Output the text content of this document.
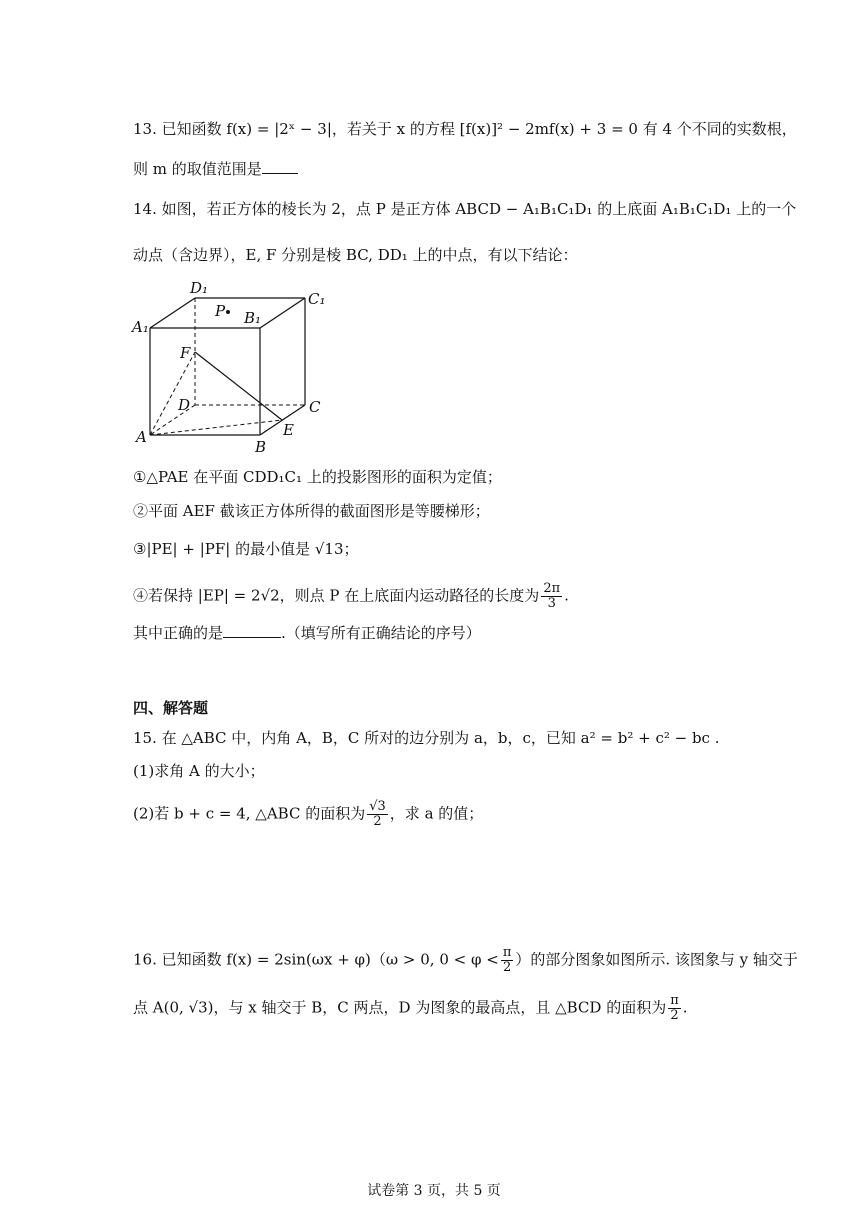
13. 已知函数 f(x) = |2ˣ − 3|，若关于 x 的方程 [f(x)]² − 2mf(x) + 3 = 0 有 4 个不同的实数根，
则 m 的取值范围是
14. 如图，若正方体的棱长为 2，点 P 是正方体 ABCD − A₁B₁C₁D₁ 的上底面 A₁B₁C₁D₁ 上的一个
动点（含边界），E, F 分别是棱 BC, DD₁ 上的中点，有以下结论：
D₁
C₁
A₁	B₁
P
F
D	C
A
B
E
①△PAE 在平面 CDD₁C₁ 上的投影图形的面积为定值；
②平面 AEF 截该正方体所得的截面图形是等腰梯形；
③|PE| + |PF| 的最小值是 √13；
④若保持 |EP| = 2√2，则点 P 在上底面内运动路径的长度为 $\frac{2\pi}{3}$ .
其中正确的是	.（填写所有正确结论的序号）
四、解答题
15. 在 △ABC 中，内角 A，B，C 所对的边分别为 a，b，c，已知 a² = b² + c² − bc .
(1)求角 A 的大小；
(2)若 b + c = 4, △ABC 的面积为 $\frac{√3}{2}$ ，求 a 的值；
16. 已知函数 f(x) = 2sin(ωx + φ)（ω > 0, $0 < \varphi < \frac{\pi}{2}$ ）的部分图象如图所示. 该图象与 y 轴交于
点 A(0, √3)，与 x 轴交于 B，C 两点，D 为图象的最高点，且 △BCD 的面积为 $\frac{\pi}{2}$ .
试卷第 3 页，共 5 页
